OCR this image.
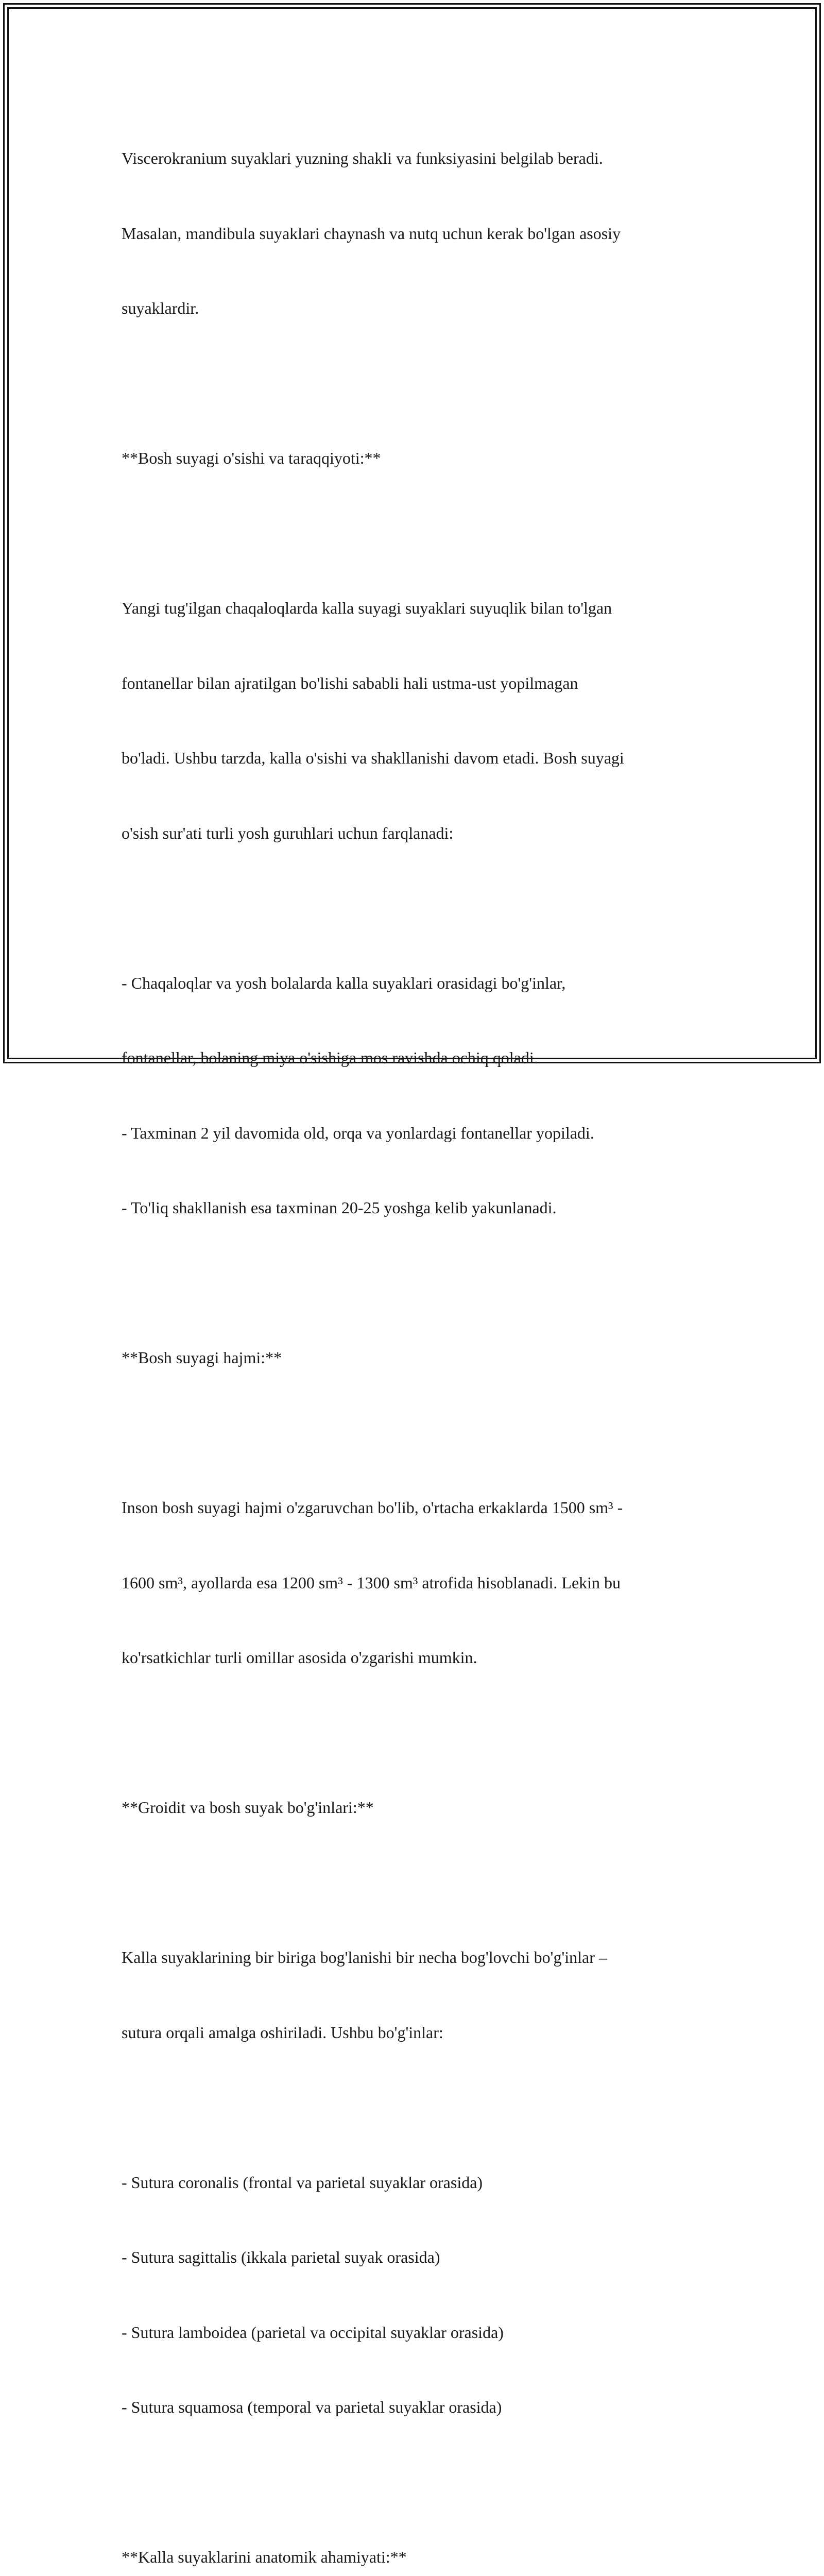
Viscerokranium suyaklari yuzning shakli va funksiyasini belgilab beradi.

Masalan, mandibula suyaklari chaynash va nutq uchun kerak bo'lgan asosiy

suyaklardir.

**Bosh suyagi o'sishi va taraqqiyoti:**

Yangi tug'ilgan chaqaloqlarda kalla suyagi suyaklari suyuqlik bilan to'lgan

fontanellar bilan ajratilgan bo'lishi sababli hali ustma-ust yopilmagan

bo'ladi. Ushbu tarzda, kalla o'sishi va shakllanishi davom etadi. Bosh suyagi

o'sish sur'ati turli yosh guruhlari uchun farqlanadi:

- Chaqaloqlar va yosh bolalarda kalla suyaklari orasidagi bo'g'inlar,

fontanellar, bolaning miya o'sishiga mos ravishda ochiq qoladi.

- Taxminan 2 yil davomida old, orqa va yonlardagi fontanellar yopiladi.

- To'liq shakllanish esa taxminan 20-25 yoshga kelib yakunlanadi.

**Bosh suyagi hajmi:**

Inson bosh suyagi hajmi o'zgaruvchan bo'lib, o'rtacha erkaklarda 1500 sm³ -

1600 sm³, ayollarda esa 1200 sm³ - 1300 sm³ atrofida hisoblanadi. Lekin bu

ko'rsatkichlar turli omillar asosida o'zgarishi mumkin.

**Groidit va bosh suyak bo'g'inlari:**

Kalla suyaklarining bir biriga bog'lanishi bir necha bog'lovchi bo'g'inlar –

sutura orqali amalga oshiriladi. Ushbu bo'g'inlar:

- Sutura coronalis (frontal va parietal suyaklar orasida)

- Sutura sagittalis (ikkala parietal suyak orasida)

- Sutura lamboidea (parietal va occipital suyaklar orasida)

- Sutura squamosa (temporal va parietal suyaklar orasida)

**Kalla suyaklarini anatomik ahamiyati:**
